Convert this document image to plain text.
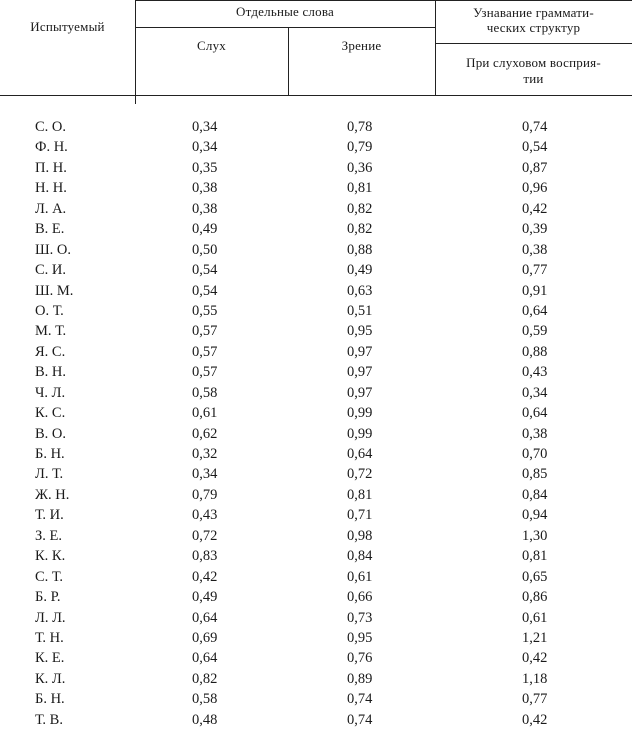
Испытуемый
Отдельные слова
Слух	Зрение
Узнавание граммати-
ческих структур
При слуховом восприя-
тии
С. О.	0,34	0,78	0,74
Ф. Н.	0,34	0,79	0,54
П. Н.	0,35	0,36	0,87
Н. Н.	0,38	0,81	0,96
Л. А.	0,38	0,82	0,42
В. Е.	0,49	0,82	0,39
Ш. О.	0,50	0,88	0,38
С. И.	0,54	0,49	0,77
Ш. М.	0,54	0,63	0,91
О. Т.	0,55	0,51	0,64
М. Т.	0,57	0,95	0,59
Я. С.	0,57	0,97	0,88
В. Н.	0,57	0,97	0,43
Ч. Л.	0,58	0,97	0,34
К. С.	0,61	0,99	0,64
В. О.	0,62	0,99	0,38
Б. Н.	0,32	0,64	0,70
Л. Т.	0,34	0,72	0,85
Ж. Н.	0,79	0,81	0,84
Т. И.	0,43	0,71	0,94
З. Е.	0,72	0,98	1,30
К. К.	0,83	0,84	0,81
С. Т.	0,42	0,61	0,65
Б. Р.	0,49	0,66	0,86
Л. Л.	0,64	0,73	0,61
Т. Н.	0,69	0,95	1,21
К. Е.	0,64	0,76	0,42
К. Л.	0,82	0,89	1,18
Б. Н.	0,58	0,74	0,77
Т. В.	0,48	0,74	0,42
